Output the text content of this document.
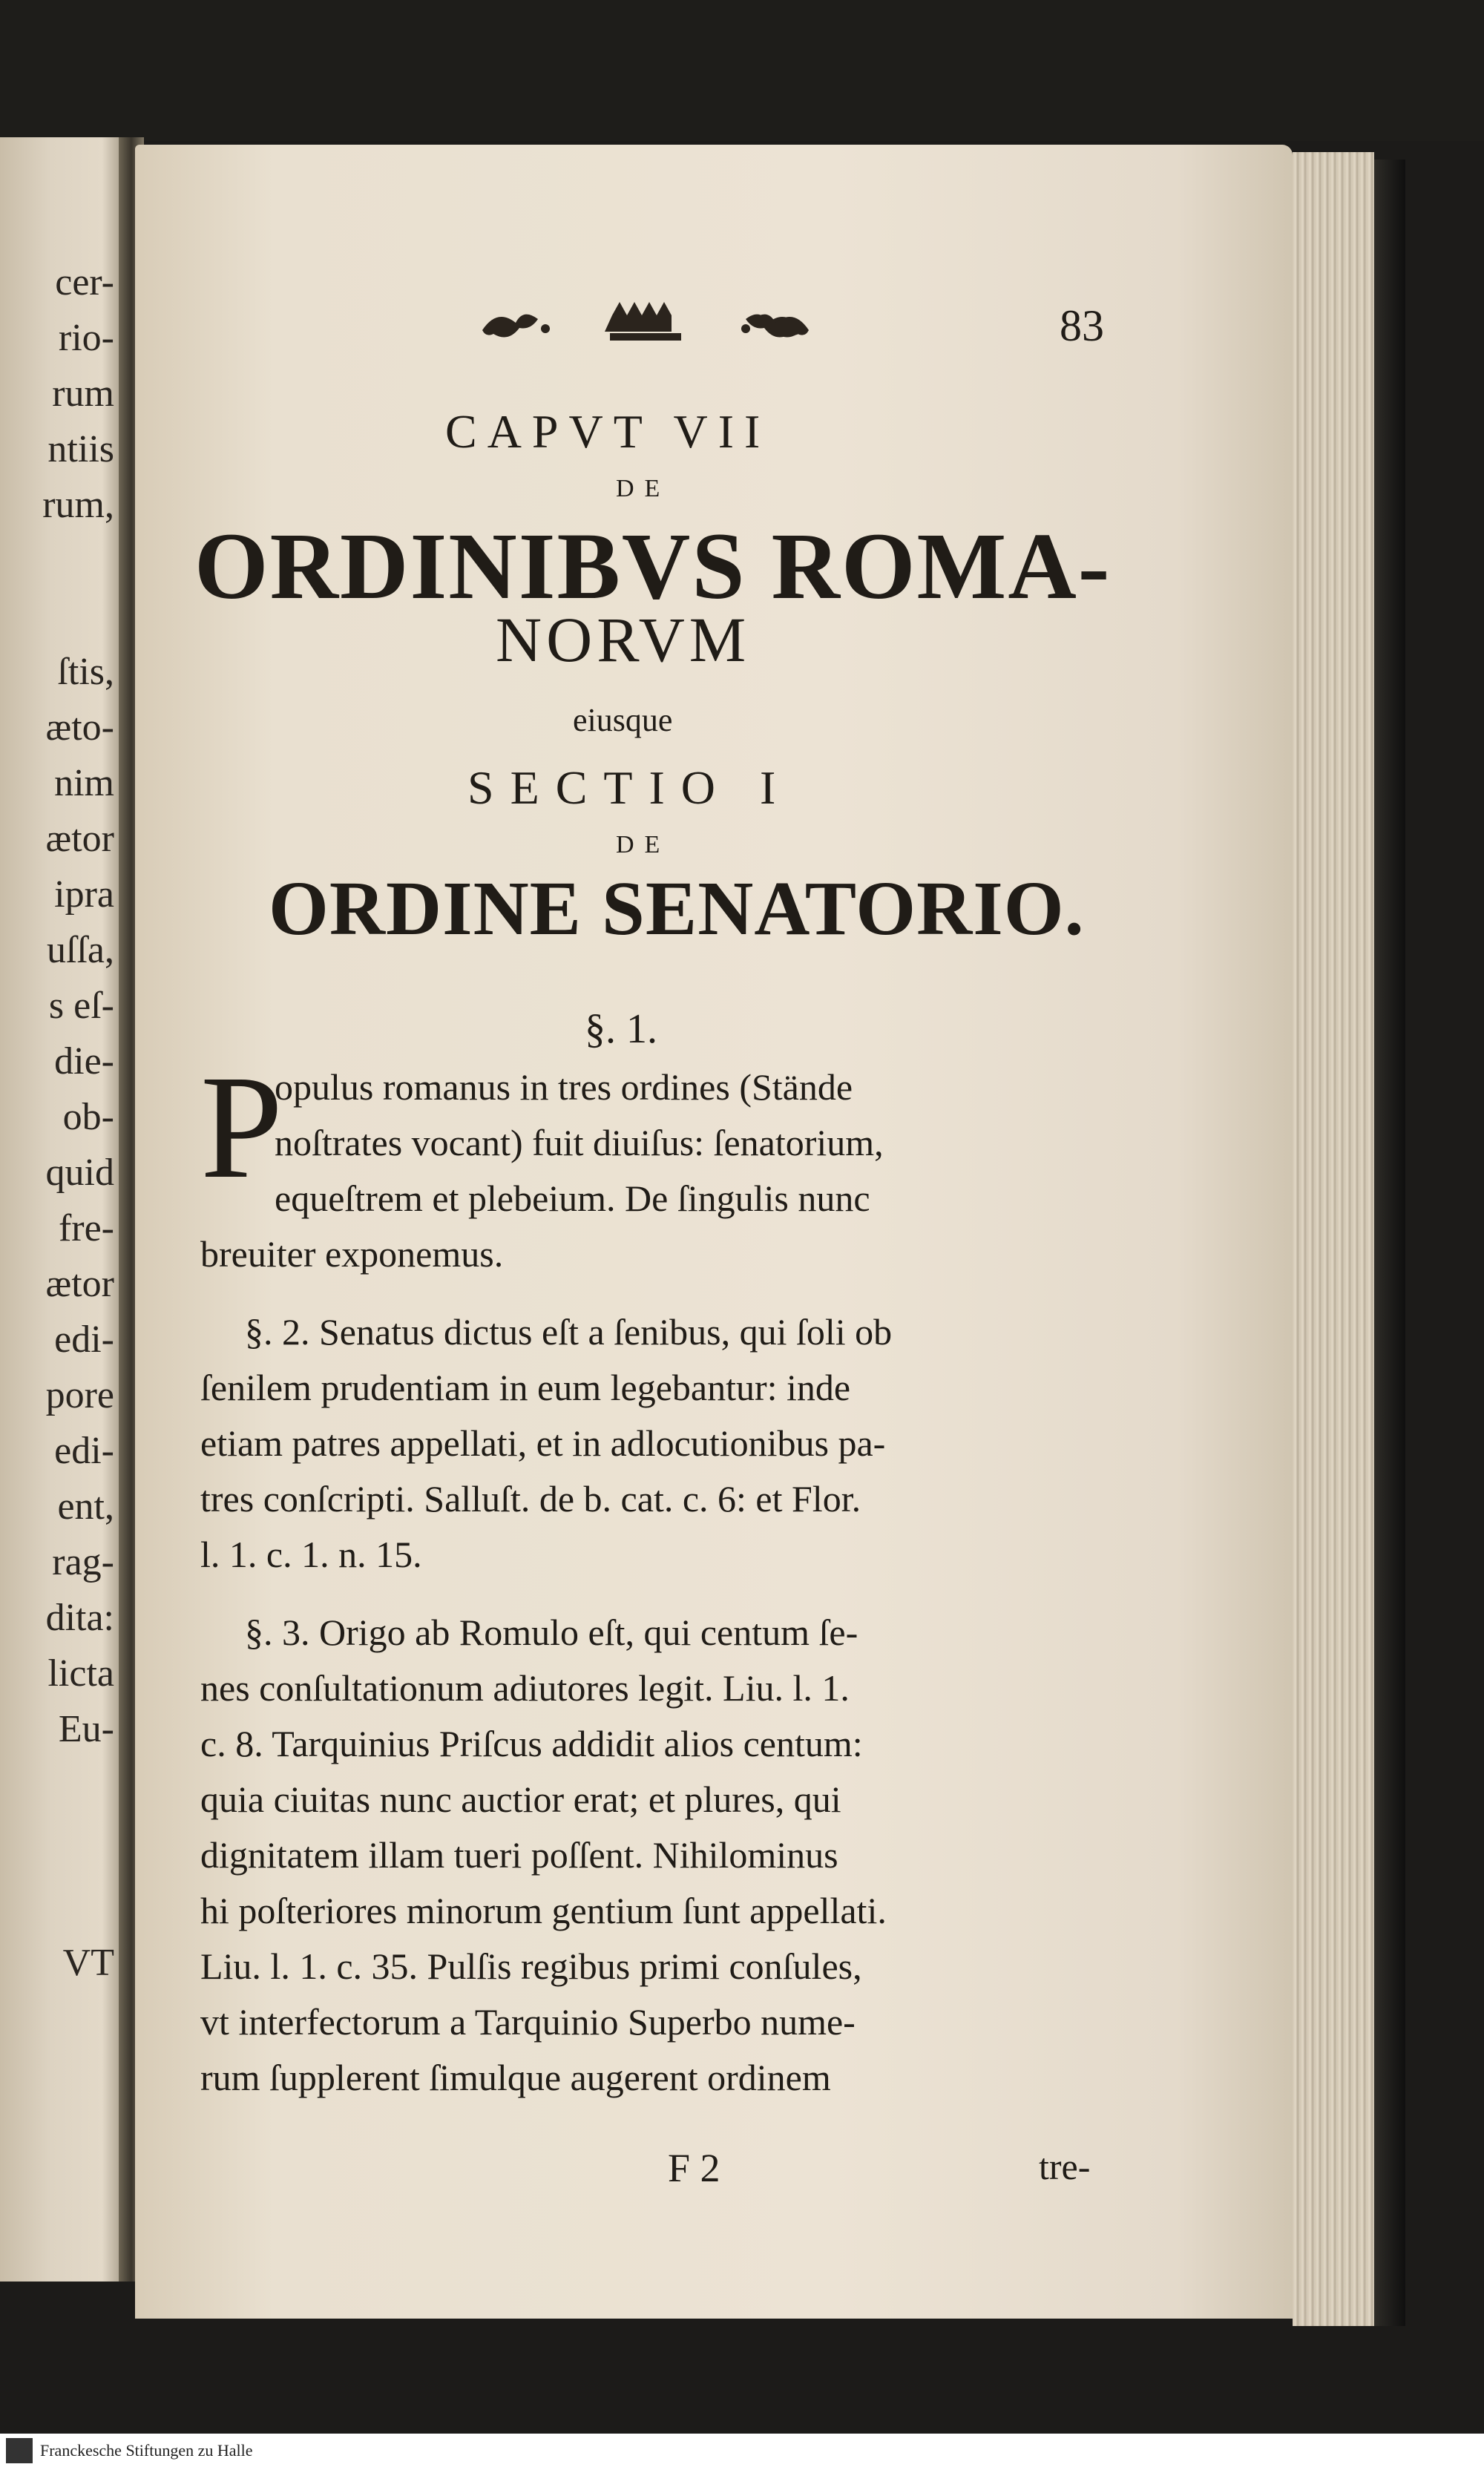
cer-
rio-
rum
ntiis
rum,
ſtis,
æto-
nim
ætor
ipra
uſſa,
s eſ-
die-
ob-
quid
fre-
ætor
edi-
pore
edi-
ent,
rag-
dita:
licta
Eu-
VT
83
CAPVT VII
DE
ORDINIBVS ROMA-
NORVM
eiusque
SECTIO I
DE
ORDINE SENATORIO.
§. 1.
P
opulus romanus in tres ordines (Stände
noſtrates vocant) fuit diuiſus: ſenatorium,
equeſtrem et plebeium. De ſingulis nunc
breuiter exponemus.
§. 2. Senatus dictus eſt a ſenibus, qui ſoli ob
ſenilem prudentiam in eum legebantur: inde
etiam patres appellati, et in adlocutionibus pa-
tres conſcripti. Salluſt. de b. cat. c. 6: et Flor.
l. 1. c. 1. n. 15.
§. 3. Origo ab Romulo eſt, qui centum ſe-
nes conſultationum adiutores legit. Liu. l. 1.
c. 8. Tarquinius Priſcus addidit alios centum:
quia ciuitas nunc auctior erat; et plures, qui
dignitatem illam tueri poſſent. Nihilominus
hi poſteriores minorum gentium ſunt appellati.
Liu. l. 1. c. 35. Pulſis regibus primi conſules,
vt interfectorum a Tarquinio Superbo nume-
rum ſupplerent ſimulque augerent ordinem
F 2	tre-
Franckesche Stiftungen zu Halle
